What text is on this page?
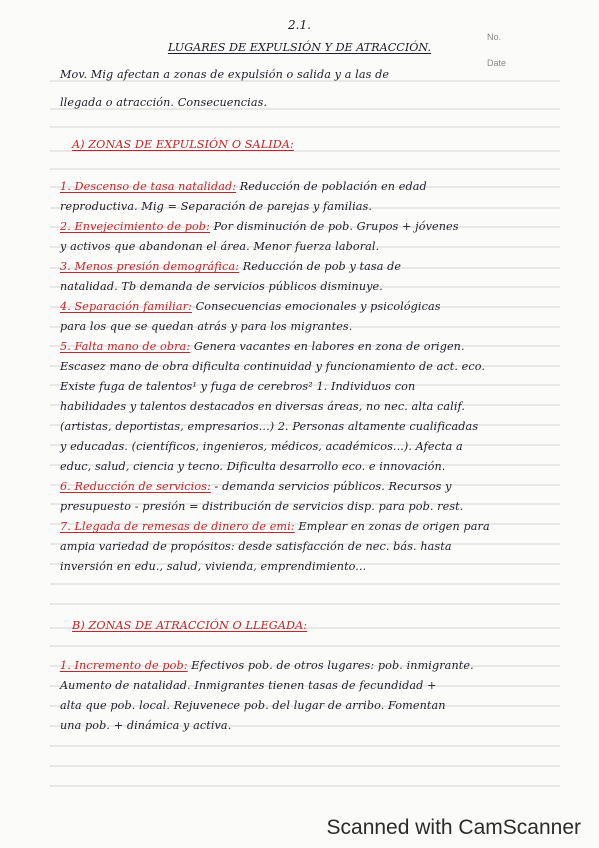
No.
Date
2.1.
LUGARES DE EXPULSIÓN Y DE ATRACCIÓN.
Mov. Mig afectan a zonas de expulsión o salida y a las de
llegada o atracción. Consecuencias.
A) ZONAS DE EXPULSIÓN O SALIDA:
1. Descenso de tasa natalidad: Reducción de población en edad
reproductiva. Mig = Separación de parejas y familias.
2. Envejecimiento de pob: Por disminución de pob. Grupos + jóvenes
y activos que abandonan el área. Menor fuerza laboral.
3. Menos presión demográfica: Reducción de pob y tasa de
natalidad. Tb demanda de servicios públicos disminuye.
4. Separación familiar: Consecuencias emocionales y psicológicas
para los que se quedan atrás y para los migrantes.
5. Falta mano de obra: Genera vacantes en labores en zona de origen.
Escasez mano de obra dificulta continuidad y funcionamiento de act. eco.
Existe fuga de talentos¹ y fuga de cerebros² 1. Individuos con
habilidades y talentos destacados en diversas áreas, no nec. alta calif.
(artistas, deportistas, empresarios...) 2. Personas altamente cualificadas
y educadas. (científicos, ingenieros, médicos, académicos...). Afecta a
educ, salud, ciencia y tecno. Dificulta desarrollo eco. e innovación.
6. Reducción de servicios: - demanda servicios públicos. Recursos y
presupuesto - presión = distribución de servicios disp. para pob. rest.
7. Llegada de remesas de dinero de emi: Emplear en zonas de origen para
ampia variedad de propósitos: desde satisfacción de nec. bás. hasta
inversión en edu., salud, vivienda, emprendimiento...
B) ZONAS DE ATRACCIÓN O LLEGADA:
1. Incremento de pob: Efectivos pob. de otros lugares: pob. inmigrante.
Aumento de natalidad. Inmigrantes tienen tasas de fecundidad +
alta que pob. local. Rejuvenece pob. del lugar de arribo. Fomentan
una pob. + dinámica y activa.
Scanned with CamScanner
